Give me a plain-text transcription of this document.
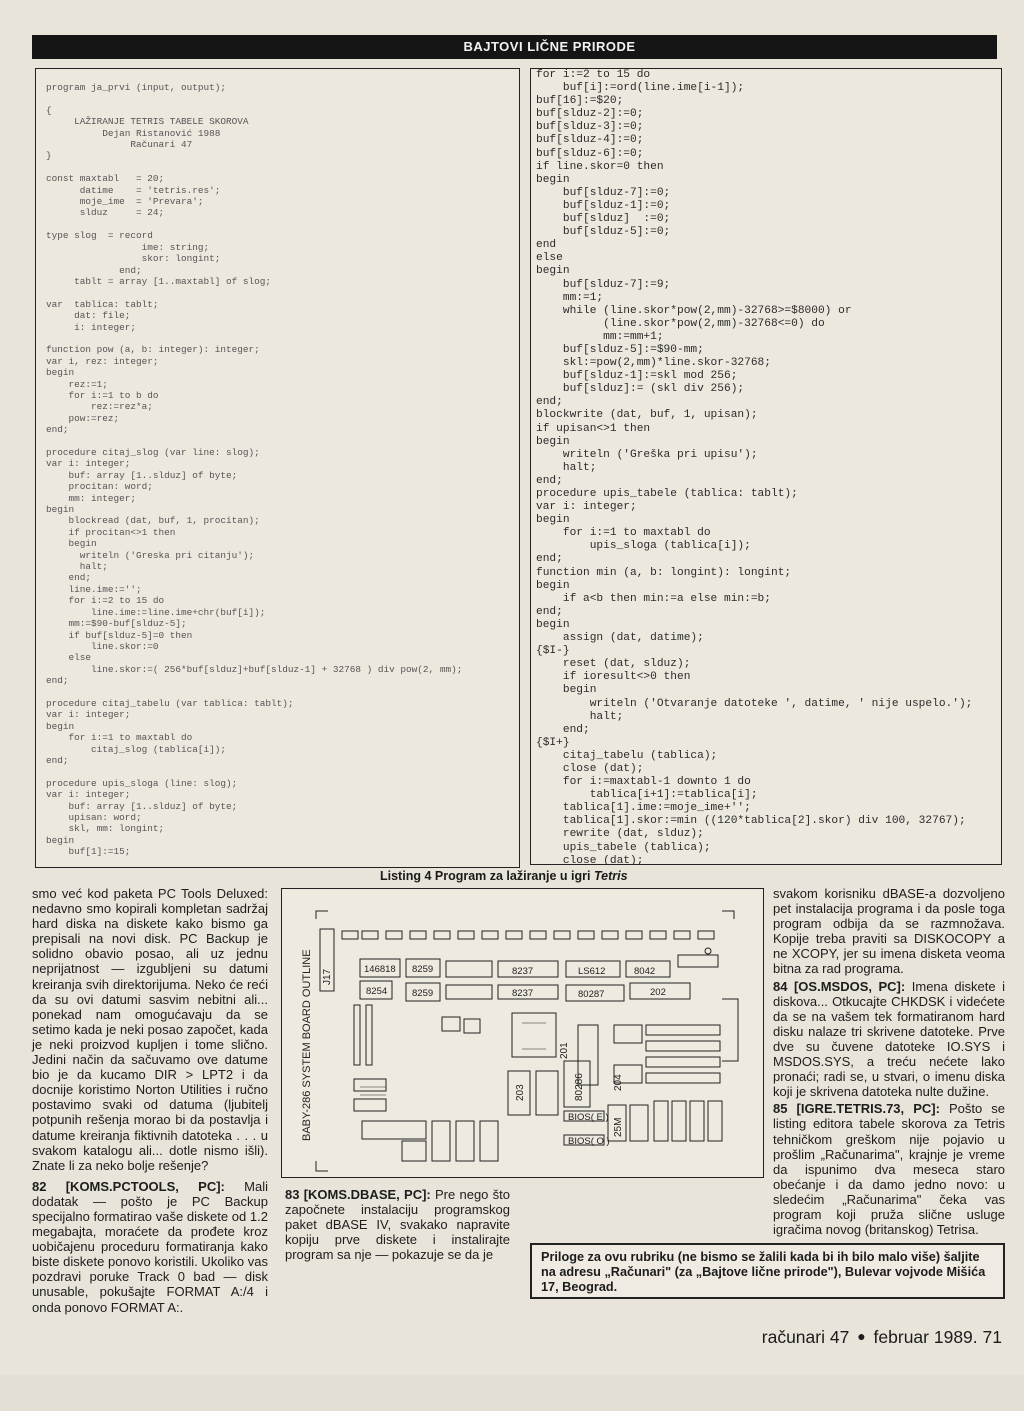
BAJTOVI LIČNE PRIRODE
program ja_prvi (input, output);

{
LAŽIRANJE TETRIS TABELE SKOROVA
Dejan Ristanović 1988
Računari 47
}

const maxtabl   = 20;
datime    = 'tetris.res';
moje_ime  = 'Prevara';
slduz     = 24;

type slog  = record
ime: string;
skor: longint;
end;
tablt = array [1..maxtabl] of slog;

var  tablica: tablt;
dat: file;
i: integer;

function pow (a, b: integer): integer;
var i, rez: integer;
begin
rez:=1;
for i:=1 to b do
rez:=rez*a;
pow:=rez;
end;

procedure citaj_slog (var line: slog);
var i: integer;
buf: array [1..slduz] of byte;
procitan: word;
mm: integer;
begin
blockread (dat, buf, 1, procitan);
if procitan<>1 then
begin
writeln ('Greska pri citanju');
halt;
end;
line.ime:='';
for i:=2 to 15 do
line.ime:=line.ime+chr(buf[i]);
mm:=$90-buf[slduz-5];
if buf[slduz-5]=0 then
line.skor:=0
else
line.skor:=( 256*buf[slduz]+buf[slduz-1] + 32768 ) div pow(2, mm);
end;

procedure citaj_tabelu (var tablica: tablt);
var i: integer;
begin
for i:=1 to maxtabl do
citaj_slog (tablica[i]);
end;

procedure upis_sloga (line: slog);
var i: integer;
buf: array [1..slduz] of byte;
upisan: word;
skl, mm: longint;
begin
buf[1]:=15;
for i:=2 to 15 do
buf[i]:=ord(line.ime[i-1]);
buf[16]:=$20;
buf[slduz-2]:=0;
buf[slduz-3]:=0;
buf[slduz-4]:=0;
buf[slduz-6]:=0;
if line.skor=0 then
begin
buf[slduz-7]:=0;
buf[slduz-1]:=0;
buf[slduz]  :=0;
buf[slduz-5]:=0;
end
else
begin
buf[slduz-7]:=9;
mm:=1;
while (line.skor*pow(2,mm)-32768>=$8000) or
(line.skor*pow(2,mm)-32768<=0) do
mm:=mm+1;
buf[slduz-5]:=$90-mm;
skl:=pow(2,mm)*line.skor-32768;
buf[slduz-1]:=skl mod 256;
buf[slduz]:= (skl div 256);
end;
blockwrite (dat, buf, 1, upisan);
if upisan<>1 then
begin
writeln ('Greška pri upisu');
halt;
end;
procedure upis_tabele (tablica: tablt);
var i: integer;
begin
for i:=1 to maxtabl do
upis_sloga (tablica[i]);
end;
function min (a, b: longint): longint;
begin
if a<b then min:=a else min:=b;
end;
begin
assign (dat, datime);
{$I-}
reset (dat, slduz);
if ioresult<>0 then
begin
writeln ('Otvaranje datoteke ', datime, ' nije uspelo.');
halt;
end;
{$I+}
citaj_tabelu (tablica);
close (dat);
for i:=maxtabl-1 downto 1 do
tablica[i+1]:=tablica[i];
tablica[1].ime:=moje_ime+'';
tablica[1].skor:=min ((120*tablica[2].skor) div 100, 32767);
rewrite (dat, slduz);
upis_tabele (tablica);
close (dat);
Listing 4 Program za lažiranje u igri Tetris

smo već kod paketa PC Tools Deluxed: nedavno smo kopirali kompletan sadržaj hard diska na diskete kako bismo ga prepisali na novi disk. PC Backup je solidno obavio posao, ali uz jednu neprijatnost — izgubljeni su datumi kreiranja svih direktorijuma. Neko će reći da su ovi datumi sasvim nebitni ali... ponekad nam omogućavaju da se setimo kada je neki posao započet, kada je neki proizvod kupljen i tome slično. Jedini način da sačuvamo ove datume bio je da kucamo DIR > LPT2 i da docnije koristimo Norton Utilities i ručno postavimo svaki od datuma (ljubitelj potpunih rešenja morao bi da postavlja i datume kreiranja fiktivnih datoteka . . . u svakom katalogu ali... dotle nismo išli). Znate li za neko bolje rešenje?

82 [KOMS.PCTOOLS, PC]: Mali dodatak — pošto je PC Backup specijalno formatirao vaše diskete od 1.2 megabajta, moraćete da prođete kroz uobičajenu proceduru formatiranja kako biste diskete ponovo koristili. Ukoliko vas pozdravi poruke Track 0 bad — disk unusable, pokušajte FORMAT A:/4 i onda ponovo FORMAT A:.

146818 8259	8237	LS612	8042
8254	8259	8237	80287	202
201
203	80286	204
BIOS( E )
BIOS( O )
25M
J17
BABY-286 SYSTEM BOARD OUTLINE

83 [KOMS.DBASE, PC]: Pre nego što započnete instalaciju programskog paket dBASE IV, svakako napravite kopiju prve diskete i instalirajte program sa nje — pokazuje se da je

svakom korisniku dBASE-a dozvoljeno pet instalacija programa i da posle toga program odbija da se razmnožava. Kopije treba praviti sa DISKOCOPY a ne XCOPY, jer su imena disketa veoma bitna za rad programa.

84 [OS.MSDOS, PC]: Imena diskete i diskova... Otkucajte CHKDSK i videćete da se na vašem tek formatiranom hard disku nalaze tri skrivene datoteke. Prve dve su čuvene datoteke IO.SYS i MSDOS.SYS, a treću nećete lako pronaći; radi se, u stvari, o imenu diska koji je skrivena datoteka nulte dužine.

85 [IGRE.TETRIS.73, PC]: Pošto se listing editora tabele skorova za Tetris tehničkom greškom nije pojavio u prošlim „Računarima", krajnje je vreme da ispunimo dva meseca staro obećanje i da damo jedno novo: u sledećim „Računarima" čeka vas program koji pruža slične usluge igračima novog (britanskog) Tetrisa.

Priloge za ovu rubriku (ne bismo se žalili kada bi ih bilo malo više) šaljite na adresu „Računari" (za „Bajtove lične prirode"), Bulevar vojvode Mišića 17, Beograd.
računari 47 ● februar 1989. 71
